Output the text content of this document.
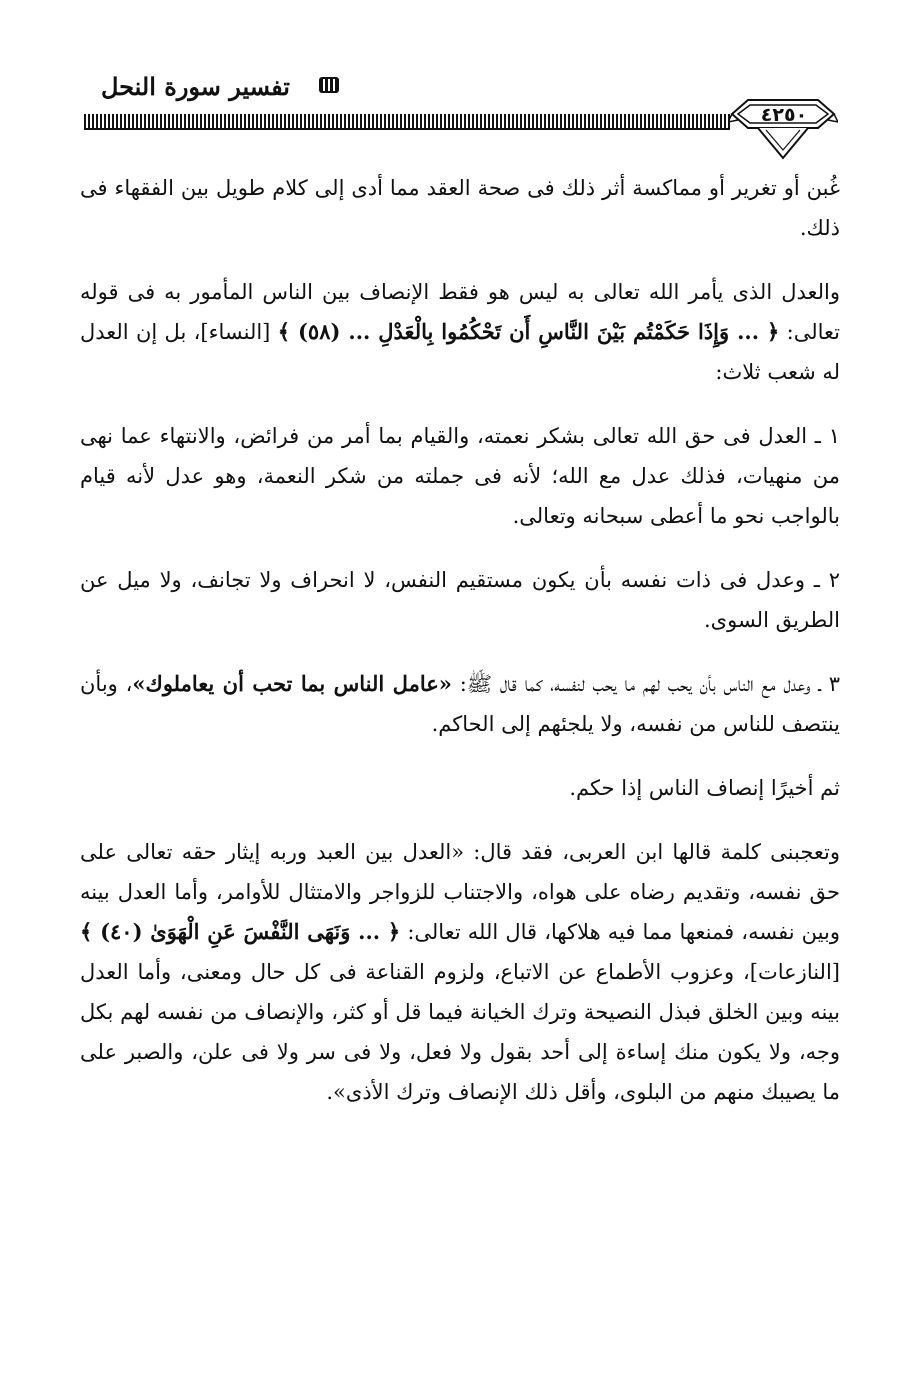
تفسير سورة النحل
٤٢٥٠

غُبن أو تغرير أو مماكسة أثر ذلك فى صحة العقد مما أدى إلى كلام طويل بين الفقهاء فى ذلك.

والعدل الذى يأمر الله تعالى به ليس هو فقط الإنصاف بين الناس المأمور به فى قوله تعالى: ﴿ ... وَإِذَا حَكَمْتُم بَيْنَ النَّاسِ أَن تَحْكُمُوا بِالْعَدْلِ ... (٥٨) ﴾ [النساء]، بل إن العدل له شعب ثلاث:

١ ـ العدل فى حق الله تعالى بشكر نعمته، والقيام بما أمر من فرائض، والانتهاء عما نهى من منهيات، فذلك عدل مع الله؛ لأنه فى جملته من شكر النعمة، وهو عدل لأنه قيام بالواجب نحو ما أعطى سبحانه وتعالى.

٢ ـ وعدل فى ذات نفسه بأن يكون مستقيم النفس، لا انحراف ولا تجانف، ولا ميل عن الطريق السوى.

٣ ـ وعدل مع الناس بأن يحب لهم ما يحب لنفسه، كما قال ﷺ: «عامل الناس بما تحب أن يعاملوك»، وبأن ينتصف للناس من نفسه، ولا يلجئهم إلى الحاكم.

ثم أخيرًا إنصاف الناس إذا حكم.

وتعجبنى كلمة قالها ابن العربى، فقد قال: «العدل بين العبد وربه إيثار حقه تعالى على حق نفسه، وتقديم رضاه على هواه، والاجتناب للزواجر والامتثال للأوامر، وأما العدل بينه وبين نفسه، فمنعها مما فيه هلاكها، قال الله تعالى: ﴿ ... وَنَهَى النَّفْسَ عَنِ الْهَوَىٰ (٤٠) ﴾ [النازعات]، وعزوب الأطماع عن الاتباع، ولزوم القناعة فى كل حال ومعنى، وأما العدل بينه وبين الخلق فبذل النصيحة وترك الخيانة فيما قل أو كثر، والإنصاف من نفسه لهم بكل وجه، ولا يكون منك إساءة إلى أحد بقول ولا فعل، ولا فى سر ولا فى علن، والصبر على ما يصيبك منهم من البلوى، وأقل ذلك الإنصاف وترك الأذى».
